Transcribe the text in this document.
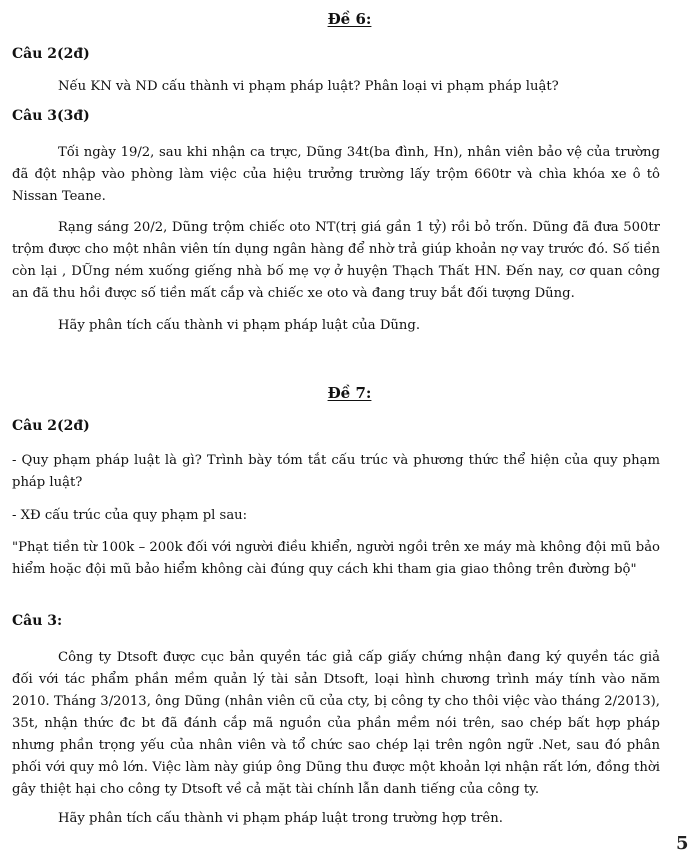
Đề 6:
Câu 2(2đ)
Nếu KN và ND cấu thành vi phạm pháp luật? Phân loại vi phạm pháp luật?
Câu 3(3đ)
Tối ngày 19/2, sau khi nhận ca trực, Dũng 34t(ba đình, Hn), nhân viên bảo vệ của trường đã đột nhập vào phòng làm việc của hiệu trưởng trường lấy trộm 660tr và chìa khóa xe ô tô Nissan Teane.
Rạng sáng 20/2, Dũng trộm chiếc oto NT(trị giá gần 1 tỷ) rồi bỏ trốn. Dũng đã đưa 500tr trộm được cho một nhân viên tín dụng ngân hàng để nhờ trả giúp khoản nợ vay trước đó. Số tiền còn lại , DŨng ném xuống giếng nhà bố mẹ vợ ở huyện Thạch Thất HN. Đến nay, cơ quan công an đã thu hồi được số tiền mất cắp và chiếc xe oto và đang truy bắt đối tượng Dũng.
Hãy phân tích cấu thành vi phạm pháp luật của Dũng.
Đề 7:
Câu 2(2đ)
- Quy phạm pháp luật là gì? Trình bày tóm tắt cấu trúc và phương thức thể hiện của quy phạm pháp luật?
- XĐ cấu trúc của quy phạm pl sau:
"Phạt tiền từ 100k – 200k đối với người điều khiển, người ngồi trên xe máy mà không đội mũ bảo hiểm hoặc đội mũ bảo hiểm không cài đúng quy cách khi tham gia giao thông trên đường bộ"
Câu 3:
Công ty Dtsoft được cục bản quyền tác giả cấp giấy chứng nhận đang ký quyền tác giả đối với tác phẩm phần mềm quản lý tài sản Dtsoft, loại hình chương trình máy tính vào năm 2010. Tháng 3/2013, ông Dũng (nhân viên cũ của cty, bị công ty cho thôi việc vào tháng 2/2013), 35t, nhận thức đc bt đã đánh cắp mã nguồn của phần mềm nói trên, sao chép bất hợp pháp nhưng phần trọng yếu của nhân viên và tổ chức sao chép lại trên ngôn ngữ .Net, sau đó phân phối với quy mô lớn. Việc làm này giúp ông Dũng thu được một khoản lợi nhận rất lớn, đồng thời gây thiệt hại cho công ty Dtsoft về cả mặt tài chính lẫn danh tiếng của công ty.
Hãy phân tích cấu thành vi phạm pháp luật trong trường hợp trên.
5
